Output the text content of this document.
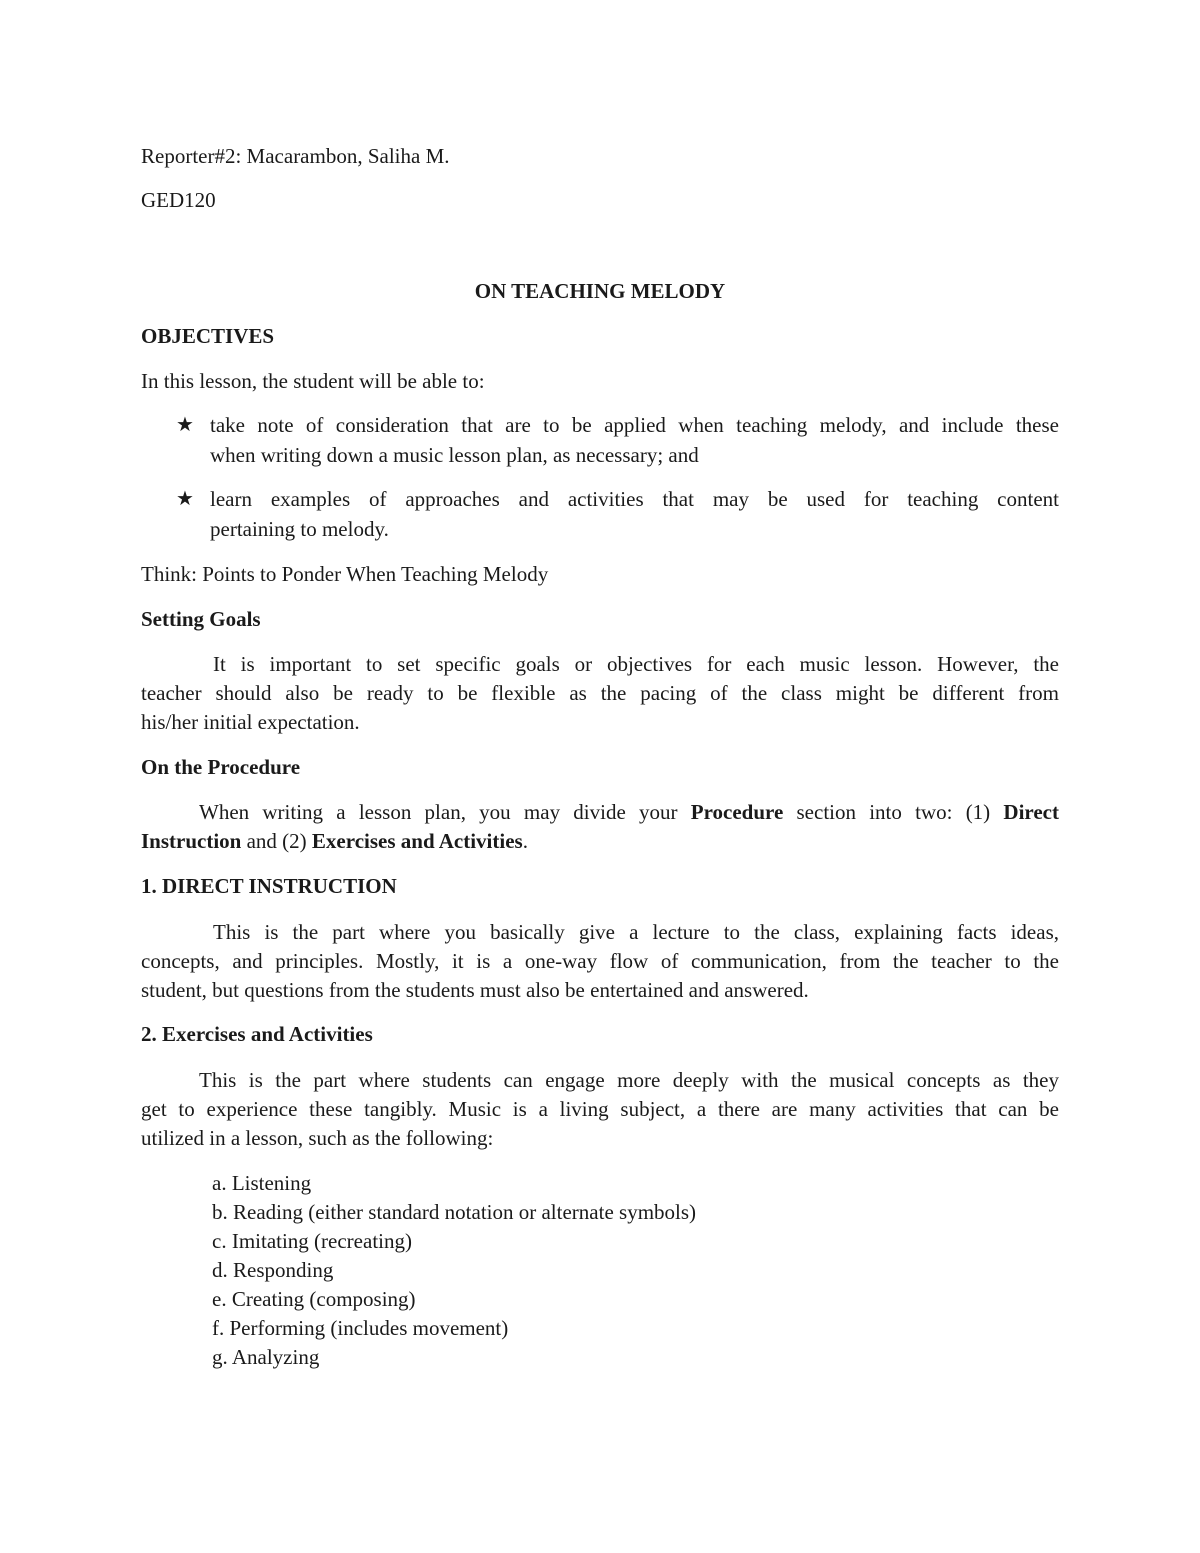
Reporter#2: Macarambon, Saliha M.
GED120
ON TEACHING MELODY
OBJECTIVES
In this lesson, the student will be able to:
★ take note of consideration that are to be applied when teaching melody, and include these
when writing down a music lesson plan, as necessary; and
★ learn examples of approaches and activities that may be used for teaching content
pertaining to melody.
Think: Points to Ponder When Teaching Melody
Setting Goals
It is important to set specific goals or objectives for each music lesson. However, the
teacher should also be ready to be flexible as the pacing of the class might be different from
his/her initial expectation.
On the Procedure
When writing a lesson plan, you may divide your Procedure section into two: (1) Direct
Instruction and (2) Exercises and Activities.
1. DIRECT INSTRUCTION
This is the part where you basically give a lecture to the class, explaining facts ideas,
concepts, and principles. Mostly, it is a one-way flow of communication, from the teacher to the
student, but questions from the students must also be entertained and answered.
2. Exercises and Activities
This is the part where students can engage more deeply with the musical concepts as they
get to experience these tangibly. Music is a living subject, a there are many activities that can be
utilized in a lesson, such as the following:
a. Listening
b. Reading (either standard notation or alternate symbols)
c. Imitating (recreating)
d. Responding
e. Creating (composing)
f. Performing (includes movement)
g. Analyzing
